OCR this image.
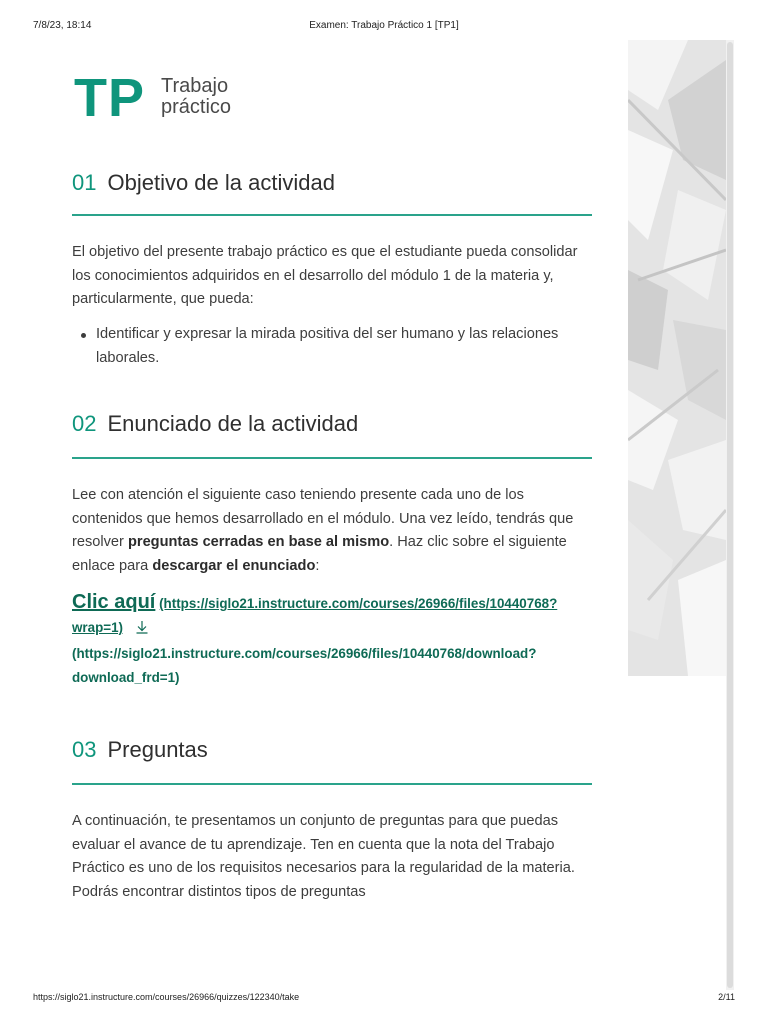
7/8/23, 18:14	Examen: Trabajo Práctico 1 [TP1]
TP Trabajo
práctico
01 Objetivo de la actividad
El objetivo del presente trabajo práctico es que el estudiante pueda consolidar los conocimientos adquiridos en el desarrollo del módulo 1 de la materia y, particularmente, que pueda:
Identificar y expresar la mirada positiva del ser humano y las relaciones laborales.
02 Enunciado de la actividad
Lee con atención el siguiente caso teniendo presente cada uno de los contenidos que hemos desarrollado en el módulo. Una vez leído, tendrás que resolver preguntas cerradas en base al mismo. Haz clic sobre el siguiente enlace para descargar el enunciado:
Clic aquí (https://siglo21.instructure.com/courses/26966/files/10440768?wrap=1)
(https://siglo21.instructure.com/courses/26966/files/10440768/download?download_frd=1)
03 Preguntas
A continuación, te presentamos un conjunto de preguntas para que puedas evaluar el avance de tu aprendizaje. Ten en cuenta que la nota del Trabajo Práctico es uno de los requisitos necesarios para la regularidad de la materia. Podrás encontrar distintos tipos de preguntas
https://siglo21.instructure.com/courses/26966/quizzes/122340/take	2/11
